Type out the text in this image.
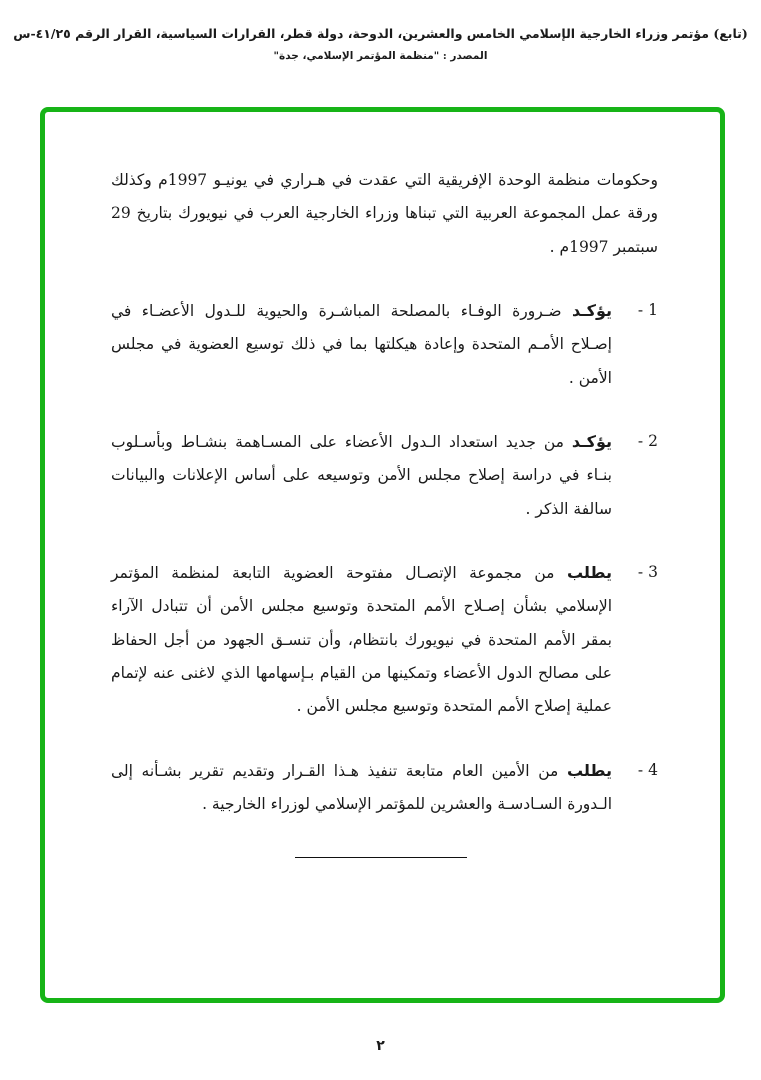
(تابع) مؤتمر وزراء الخارجية الإسلامي الخامس والعشرين، الدوحة، دولة قطر، القرارات السياسية، القرار الرقم ٤١/٢٥-س
المصدر : "منظمة المؤتمر الإسلامي، جدة"

وحكومات منظمة الوحدة الإفريقية التي عقدت في هـراري في يونيـو 1997م وكذلك ورقة عمل المجموعة العربية التي تبناها وزراء الخارجية العرب في نيويورك بتاريخ 29 سبتمبر 1997م .

1-

يؤكـد ضـرورة الوفـاء بالمصلحة المباشـرة والحيوية للـدول الأعضـاء في إصـلاح الأمـم المتحدة وإعادة هيكلتها بما في ذلك توسيع العضوية في مجلس الأمن .

2-

يؤكـد من جديد استعداد الـدول الأعضاء على المسـاهمة بنشـاط وبأسـلوب بنـاء في دراسة إصلاح مجلس الأمن وتوسيعه على أساس الإعلانات والبيانات سالفة الذكر .

3-

يطلب من مجموعة الإتصـال مفتوحة العضوية التابعة لمنظمة المؤتمر الإسلامي بشأن إصـلاح الأمم المتحدة وتوسيع مجلس الأمن أن تتبادل الآراء بمقر الأمم المتحدة في نيويورك بانتظام، وأن تنسـق الجهود من أجل الحفاظ على مصالح الدول الأعضاء وتمكينها من القيام بـإسهامها الذي لاغنى عنه لإتمام عملية إصلاح الأمم المتحدة وتوسيع مجلس الأمن .

4-

يطلب من الأمين العام متابعة تنفيذ هـذا القـرار وتقديم تقرير بشـأنه إلى الـدورة السـادسـة والعشرين للمؤتمر الإسلامي لوزراء الخارجية .

٢
